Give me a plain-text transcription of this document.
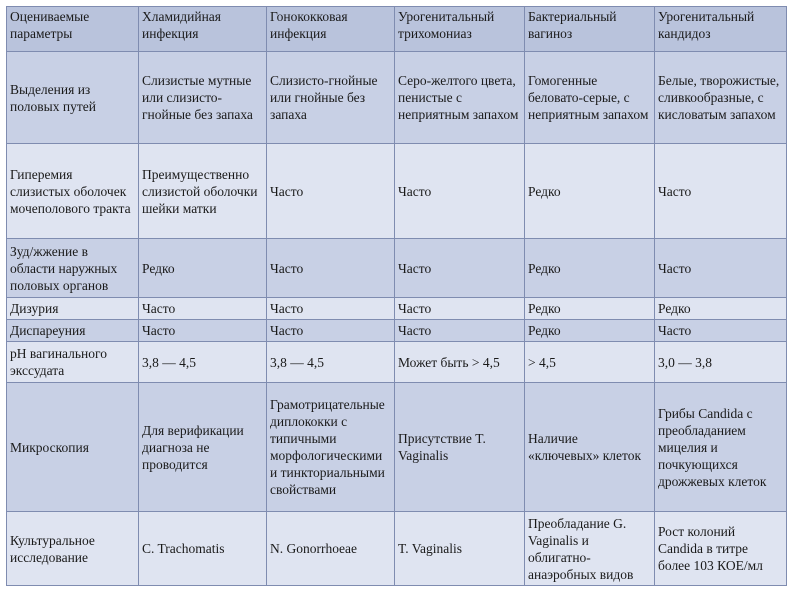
Оцениваемые параметры	Хламидийная инфекция	Гонококковая инфекция	Урогенитальный трихомониаз	Бактериальный вагиноз	Урогенитальный кандидоз
Выделения из половых путей	Слизистые мутные или слизисто-гнойные без запаха	Слизисто-гнойные или гнойные без запаха	Серо-желтого цвета, пенистые с неприятным запахом	Гомогенные беловато-серые, с неприятным запахом	Белые, творожистые, сливкообразные, с кисловатым запахом
Гиперемия слизистых оболочек мочеполового тракта	Преимущественно слизистой оболочки шейки матки	Часто	Часто	Редко	Часто
Зуд/жжение в области наружных половых органов	Редко	Часто	Часто	Редко	Часто
Дизурия	Часто	Часто	Часто	Редко	Редко
Диспареуния	Часто	Часто	Часто	Редко	Часто
pH вагинального экссудата	3,8 — 4,5	3,8 — 4,5	Может быть > 4,5	> 4,5	3,0 — 3,8
Микроскопия	Для верификации диагноза не проводится	Грамотрицательные диплококки с типичными морфологическими и тинкториальными свойствами	Присутствие T. Vaginalis	Наличие «ключевых» клеток	Грибы Candida с преобладанием мицелия и почкующихся дрожжевых клеток
Культуральное исследование	C. Trachomatis	N. Gonorrhoeae	T. Vaginalis	Преобладание G. Vaginalis и облигатно-анаэробных видов	Рост колоний Candida в титре более 103 КОЕ/мл
